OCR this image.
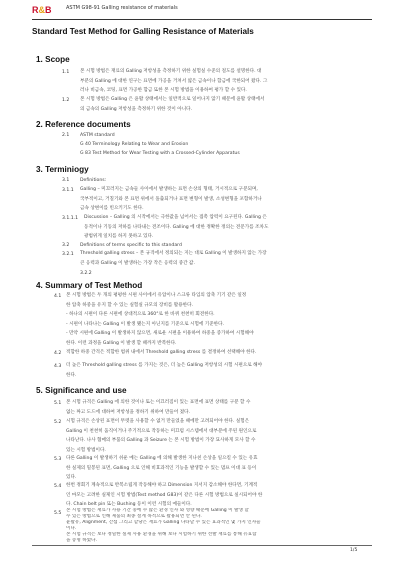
R & B	ASTM G98-91 Galling resistance of materials
Standard Test Method for Galling Resistance of Materials
1. Scope
1.1 본 시험 방법은 재료의 Galling 저항성을 측정하기 위한 실험실 수준의 절도를 설명한다. 대
부분의 Galling 에 대한 연구는 표면에 가공을 거쳐서 얇은 금속이나 합금에 국한되어 왔다. 그
러나 비금속, 코팅, 표면 가공한 합금 또한 본 시험 방법을 이용하여 평가 할 수 있다.
1.2 본 시험 방법은 Galling 은 윤활 상태에서는 일반적으로 일어나지 않기 때문에 윤활 상태에서
의 금속의 Galling 저항성을 측정하기 위한 것이 아니다.
2. Reference documents
2.1 ASTM standard
G 40 Terminology Relating to Wear and Erosion
G 83 Test Method for Wear Testing with a Crossed-Cylinder Apparatus
3. Terminiogy
3.1 Definitions:
3.1.1 Galling – 미끄러지는 금속들 사이에서 발생하는 표면 손상의 형태, 거시적으로 구분되며,
국부적이고, 거칠기와 본 표면 위에서 돌출되거나 표면 변형이 발생, 소성변형을 포함하거나
금속 상변이를 빈으키기도 한다.
3.1.1.1 Discussion – Galling 의 시작에서는 극한값을 넘어서는 접촉 압력이 요구된다. Galling 은
동적이나 기동의 저하를 나타내는 전조이다. Galling 에 대한 정확한 정의는 전문가를 조차도
광범위게 일치를 하지 못하고 있다.
3.2 Definitions of terms specific to this standard
3.2.1 Threshold galling stress – 본 규격에서 정의되는 지는 대로 Galling 이 발생하지 않는 가장
큰 응력과 Galling 이 발생하는 가장 작은 응력의 중간 값.
3.2.2
4. Summary of Test Method
4.1 본 시험 방법은 두 개의 평평한 시편 사이에서 유압이나 스크류 타입의 압축 기기 같은 일정
한 압축 하중을 유지 할 수 있는 실험실 규모의 장비를 활용한다.
- 하나의 시편이 다른 시편에 상대적으로 360°로 한 바퀴 천천히 회전한다.
- 시편이 나타나는 Galling 이 발생 됐는지 아닌지를 기준으로 시험에 기준한다.
- 만약 시편에 Galling 이 발생하지 않으면, 새로운 시편을 이용하여 하중을 증가하여 시험해야
한다. 이런 과정을 Galling 이 발생 할 때까지 반복한다.
4.2 적합한 하중 간격은 적합한 범위 내에서 Threshold galling stress 를 결정하여 선택해야 한다.
4.3 더 높은 Threshold galling stress 를 가지는 것은, 더 높은 Galling 저항성의 시험 시편으로 해야
한다.
5. Significance and use
5.1 본 시험 규격은 Galling 에 의한 것이나 또는 이끄러짐이 있는 표면에 표면 상태를 구분 할 수
없는 짜고 도드에 대하여 저항성을 정하기 위하여 만들어 졌다.
5.2 시험 규격은 손상된 표면이 뚜렷을 사용할 수 없거 만들었을 때에만 고려되어야 한다. 실험은
Galling 이 천천히 움직이거나 주기적으로 작동하는 미끄럼 시스템에서 대부분에 주된 원인으로
나타난다. 나사 협매의 부품의 Galling 과 Seizure 는 본 시험 방법이 가장 묘사하게 모사 할 수
있는 시험 방법이다.
5.3 다른 Galling 이 발생하기 쉬운 예는 Galling 에 의해 발생한 지나친 손상을 일으킬 수 있는 유효
한 실제의 밀봉된 표면, Galling 으로 인해 비효과적인 기능을 발생할 수 있는 멈프 이대 표 등이
있다.
5.4 한번 정회기 계속적으로 반복소립게 작동해야 하고 Dimension 지서지 감소해야 한다면, 기계적
인 마모는 고려한 실제인 시험 방법(Test method G83)이 같은 다른 시험 방법으로 실시되어야 한
다. Chain belt pin 또는 Bushing 등이 이런 시험의 예들이다.
5.5
본 시험 방법은 재료가 사용 기간 중에 수 많은 환경 인자 와 영향 때문에 Galling 이 발생 할
수 있는 방법으로 인해 제품의 최종 설계 목적으로 활용되면 안 된다.
윤활유, Alignment, 간섭 그리고 할당은 재료가 Galling 나타날 수 있는 효과적인 몇 가지 인자들
이다.
본 시험 규격은 보다 정밀한 실제 사용 환경을 위해 보다 시험하기 위한 선발 재료를 통해 유효함
을 증명 하였다.
1/5
